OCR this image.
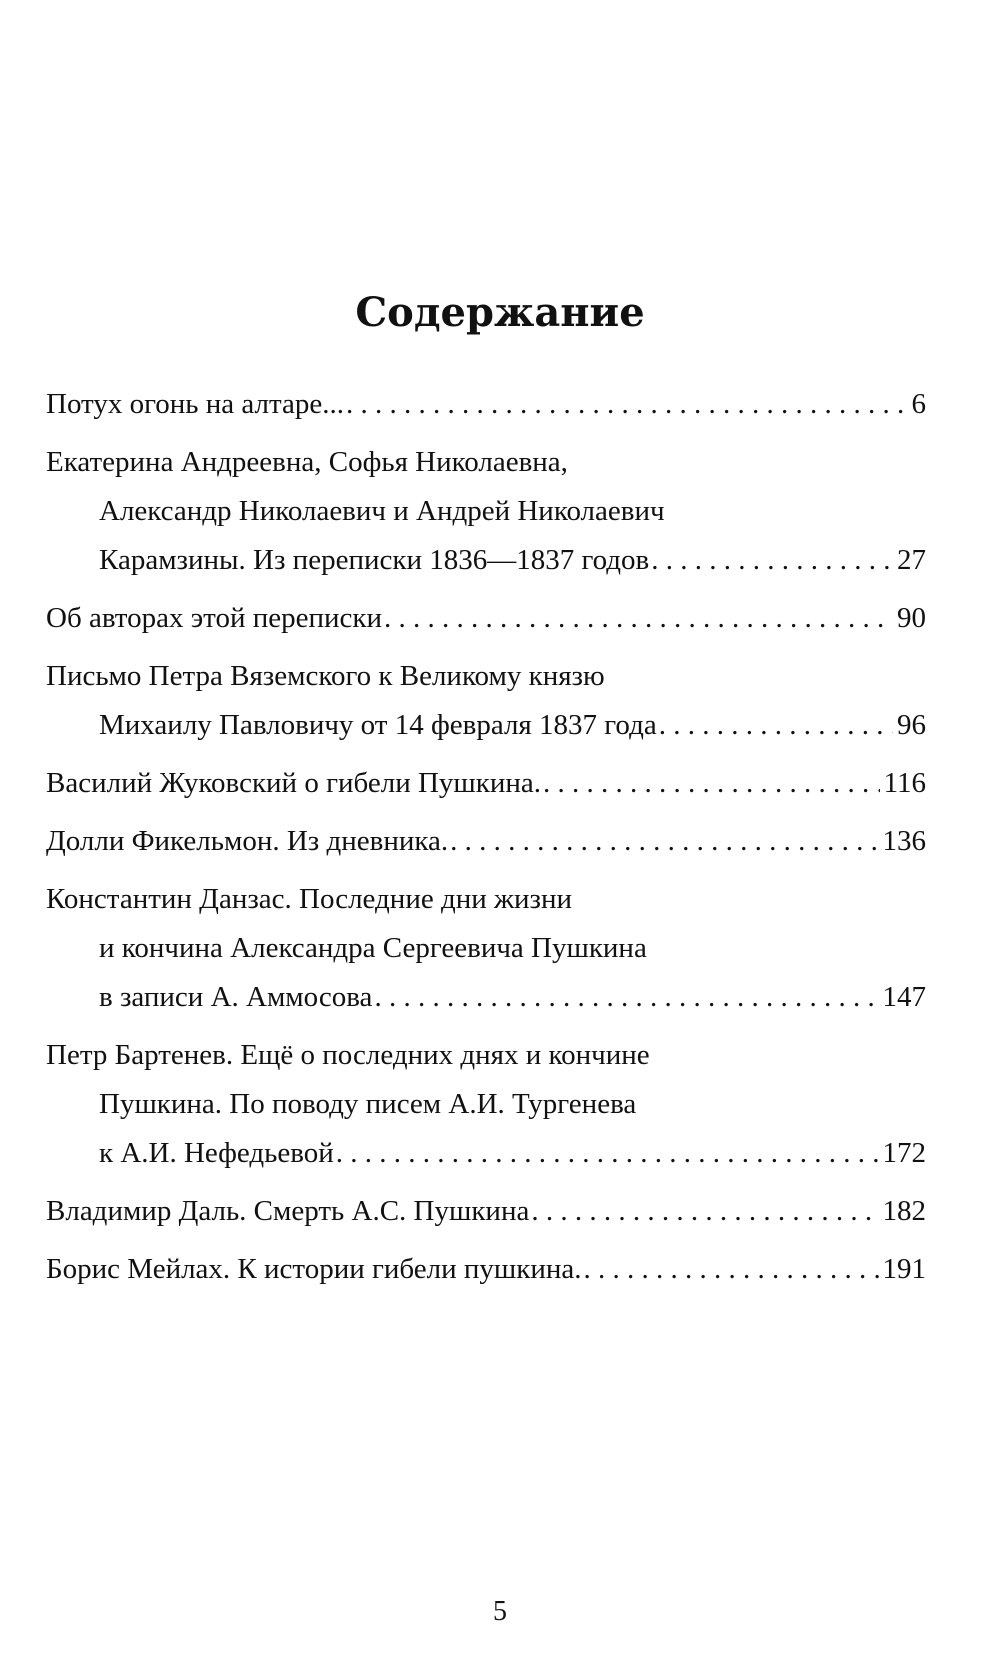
Содержание
Потух огонь на алтаре... . . .	6
Екатерина Андреевна, Софья Николаевна,
Александр Николаевич и Андрей Николаевич
Карамзины. Из переписки 1836—1837 годов . . .	27
Об авторах этой переписки . . .	90
Письмо Петра Вяземского к Великому князю
Михаилу Павловичу от 14 февраля 1837 года . . .	96
Василий Жуковский о гибели Пушкина. . . .	116
Долли Фикельмон. Из дневника. . . .	136
Константин Данзас. Последние дни жизни
и кончина Александра Сергеевича Пушкина
в записи А. Аммосова . . .	147
Петр Бартенев. Ещё о последних днях и кончине
Пушкина. По поводу писем А.И. Тургенева
к А.И. Нефедьевой . . .	172
Владимир Даль. Смерть А.С. Пушкина . . .	182
Борис Мейлах. К истории гибели пушкина. . . .	191
5
